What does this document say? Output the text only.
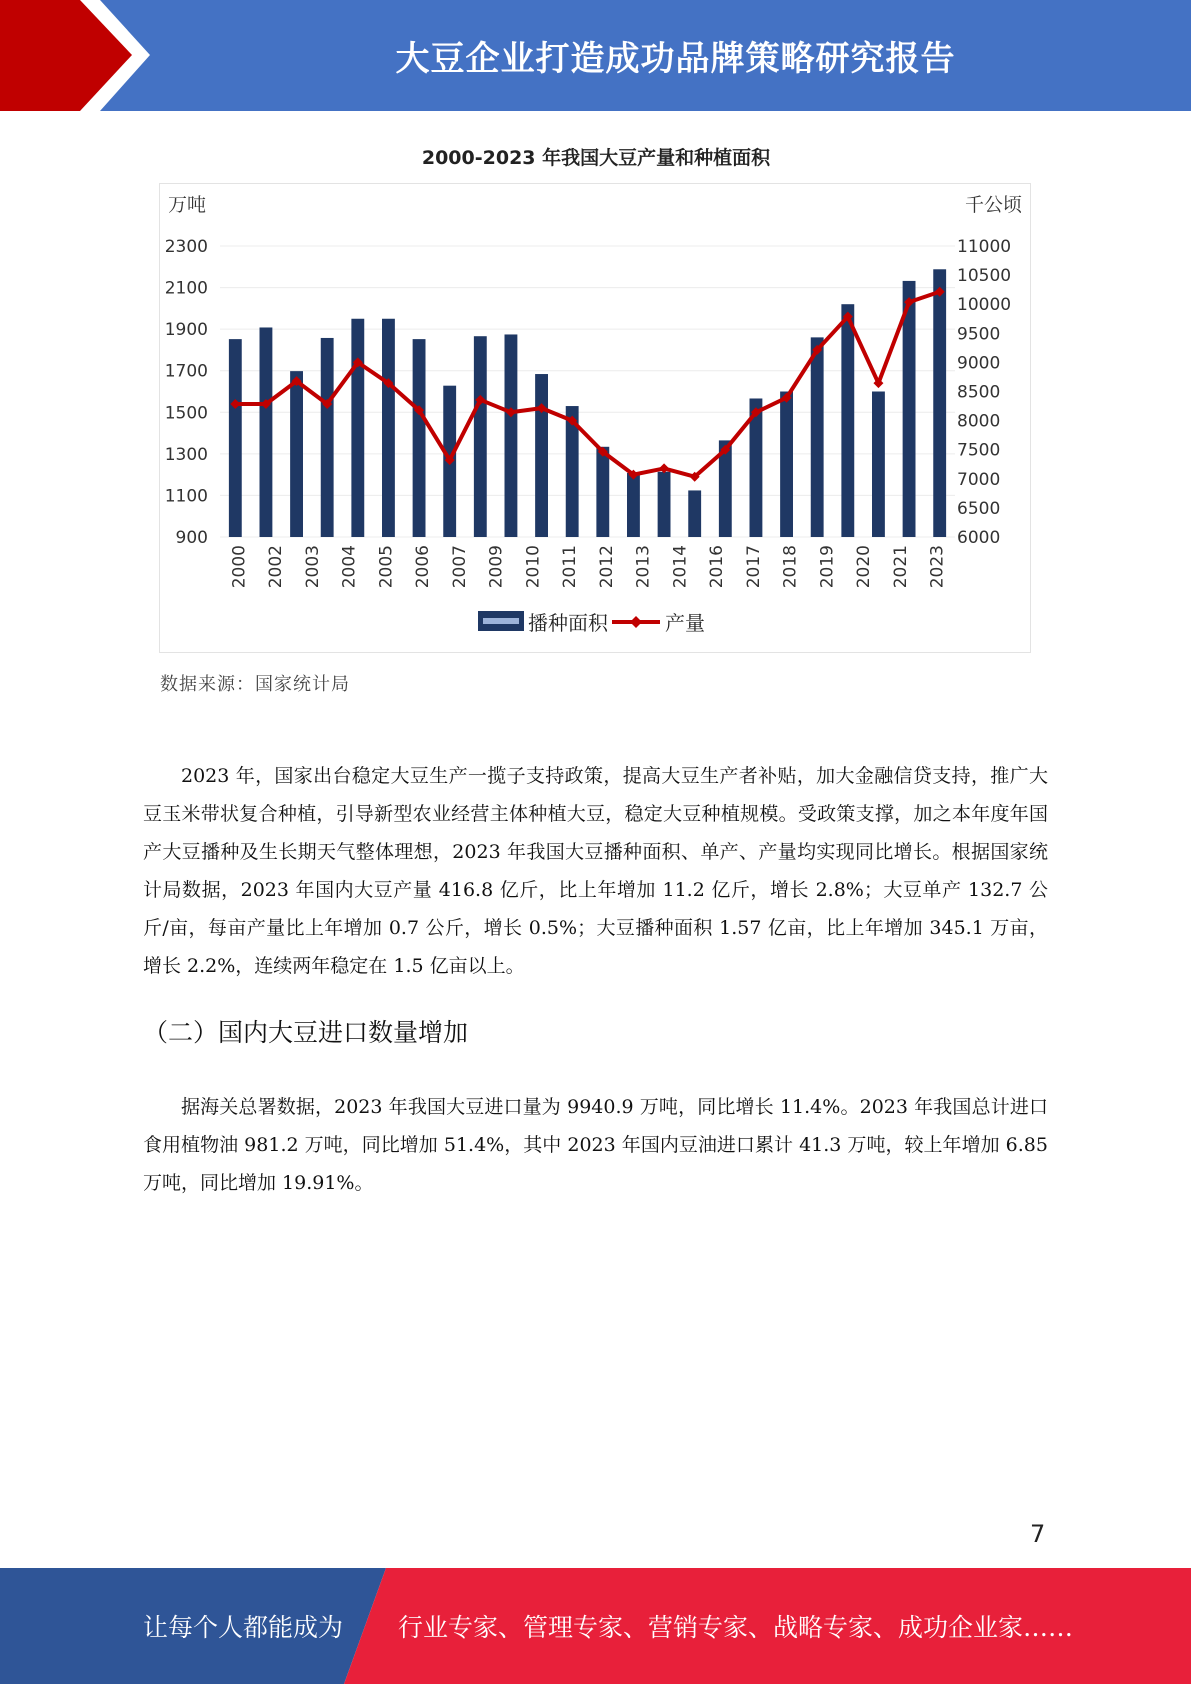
大豆企业打造成功品牌策略研究报告
2000-2023 年我国大豆产量和种植面积
万吨	千公顷
2300
2100
1900
1700
1500
1300
1100
900
11000
10500
10000
9500
9000
8500
8000
7500
7000
6500
6000
2000 2002 2003 2004 2005 2006 2007 2009 2010 2011 2012 2013 2014 2016 2017 2018 2019 2020 2021 2023
播种面积	产量
数据来源：国家统计局

2023 年，国家出台稳定大豆生产一揽子支持政策，提高大豆生产者补贴，加大金融信贷支持，推广大豆玉米带状复合种植，引导新型农业经营主体种植大豆，稳定大豆种植规模。受政策支撑，加之本年度年国产大豆播种及生长期天气整体理想，2023 年我国大豆播种面积、单产、产量均实现同比增长。根据国家统计局数据，2023 年国内大豆产量 416.8 亿斤，比上年增加 11.2 亿斤，增长 2.8%；大豆单产 132.7 公斤/亩，每亩产量比上年增加 0.7 公斤，增长 0.5%；大豆播种面积 1.57 亿亩，比上年增加 345.1 万亩，增长 2.2%，连续两年稳定在 1.5 亿亩以上。

（二）国内大豆进口数量增加

据海关总署数据，2023 年我国大豆进口量为 9940.9 万吨，同比增长 11.4%。2023 年我国总计进口食用植物油 981.2 万吨，同比增加 51.4%，其中 2023 年国内豆油进口累计 41.3 万吨，较上年增加 6.85 万吨，同比增加 19.91%。

7
让每个人都能成为 行业专家、管理专家、营销专家、战略专家、成功企业家……
